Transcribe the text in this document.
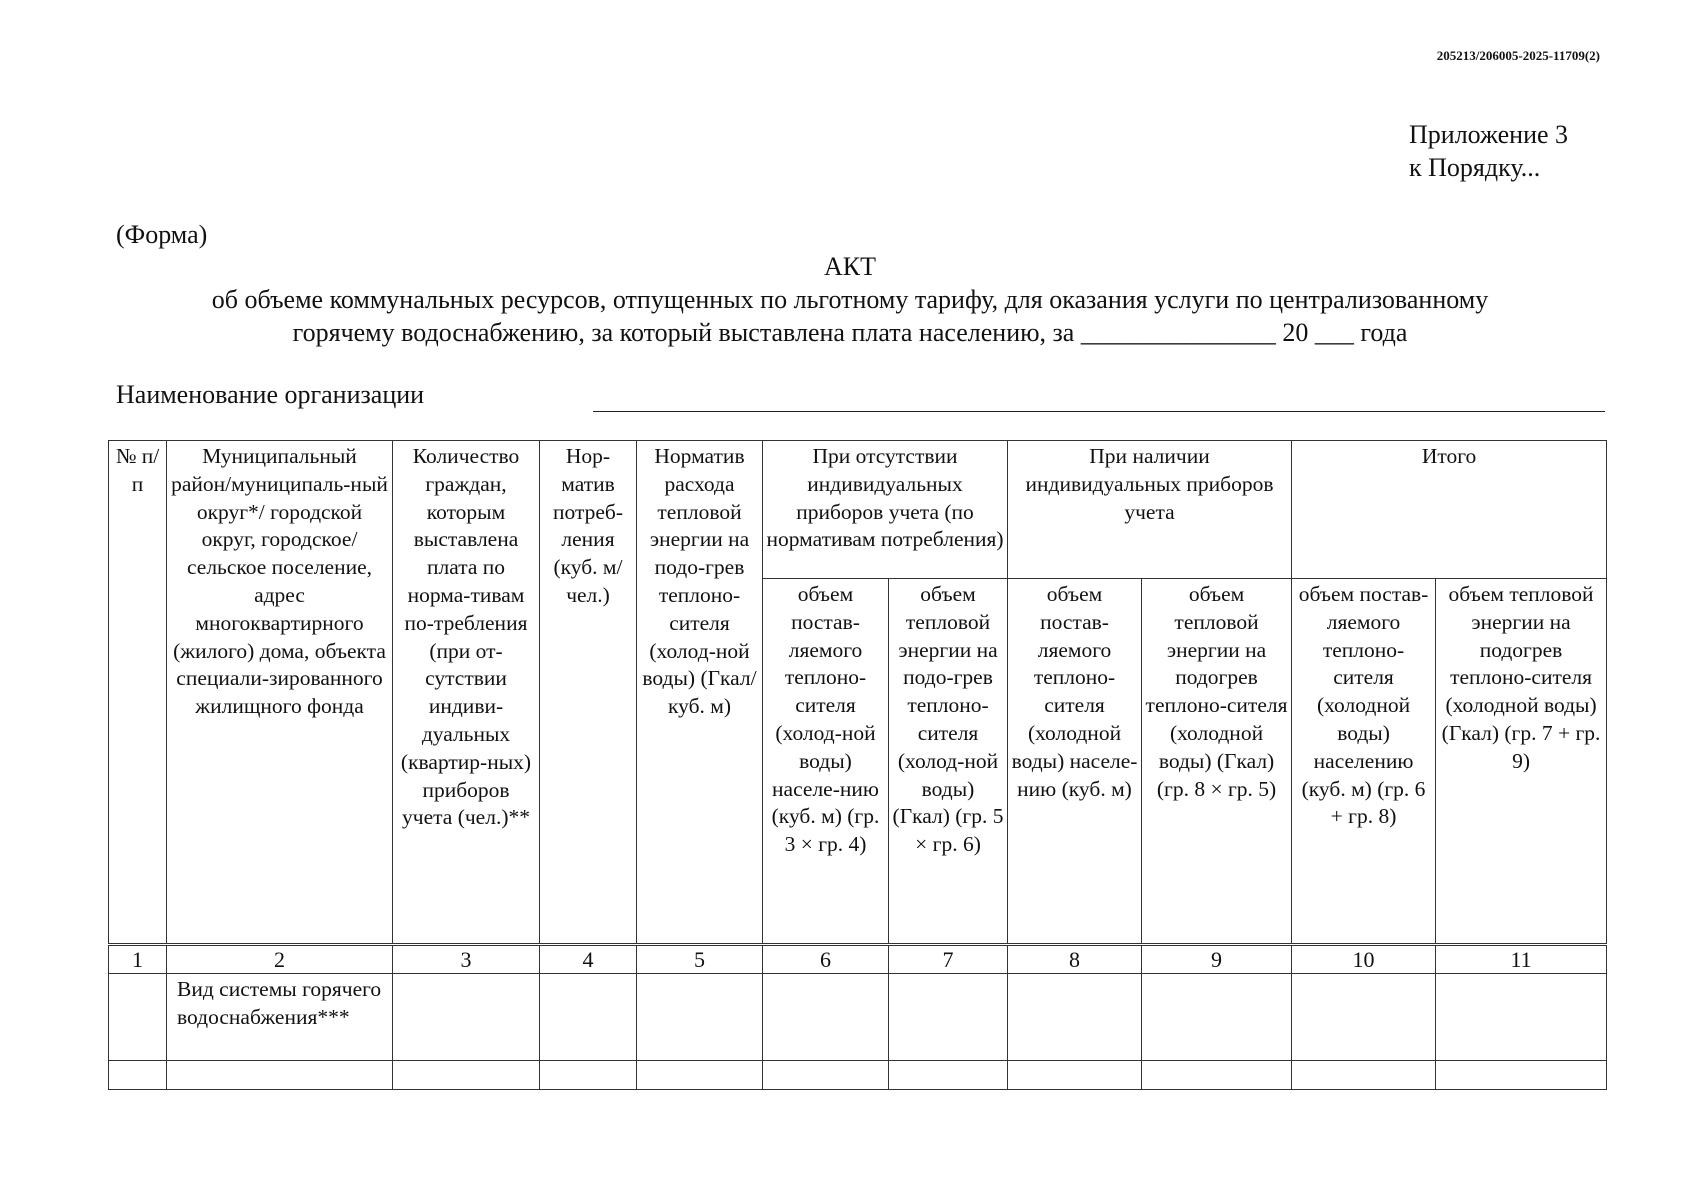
205213/206005-2025-11709(2)
Приложение 3
к Порядку...
(Форма)
АКТ
об объеме коммунальных ресурсов, отпущенных по льготному тарифу, для оказания услуги по централизованному
горячему водоснабжению, за который выставлена плата населению, за _______________ 20 ___ года
Наименование организации
№ п/п	Муниципальный район/муниципаль-ный округ*/ городской округ, городское/сельское поселение, адрес многоквартирного (жилого) дома, объекта специали-зированного жилищного фонда	Количество граждан, которым выставлена плата по норма-тивам по-требления (при от-сутствии индиви-дуальных (квартир-ных) приборов учета (чел.)**	Нор-матив потреб-ления (куб. м/ чел.)	Норматив расхода тепловой энергии на подо-грев теплоно-сителя (холод-ной воды) (Гкал/ куб. м)	При отсутствии индивидуальных приборов учета (по нормативам потребления)		При наличии индивидуальных приборов учета		Итого	
					объем постав-ляемого теплоно-сителя (холод-ной воды) населе-нию (куб. м) (гр. 3 × гр. 4)	объем тепловой энергии на подо-грев теплоно-сителя (холод-ной воды) (Гкал) (гр. 5 × гр. 6)	объем постав-ляемого теплоно-сителя (холодной воды) населе-нию (куб. м)	объем тепловой энергии на подогрев теплоно-сителя (холодной воды) (Гкал) (гр. 8 × гр. 5)	объем постав-ляемого теплоно-сителя (холодной воды) населению (куб. м) (гр. 6 + гр. 8)	объем тепловой энергии на подогрев теплоно-сителя (холодной воды) (Гкал) (гр. 7 + гр. 9)
1	2	3	4	5	6	7	8	9	10	11
	Вид системы горячего водоснабжения***									
